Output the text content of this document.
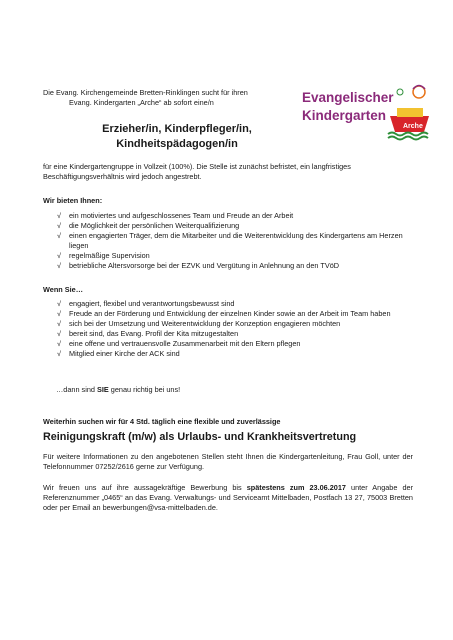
Die Evang. Kirchengemeinde Bretten-Rinklingen sucht für ihren
Evang. Kindergarten „Arche“ ab sofort eine/n	Evangelischer
Kindergarten
Arche
Erzieher/in, Kinderpfleger/in,
Kindheitspädagogen/in
für eine Kindergartengruppe in Vollzeit (100%). Die Stelle ist zunächst befristet, ein langfristiges Beschäftigungsverhältnis wird jedoch angestrebt.
Wir bieten Ihnen:
√ ein motiviertes und aufgeschlossenes Team und Freude an der Arbeit
√ die Möglichkeit der persönlichen Weiterqualifizierung
√ einen engagierten Träger, dem die Mitarbeiter und die Weiterentwicklung des Kindergartens am Herzen liegen
√ regelmäßige Supervision
√ betriebliche Altersvorsorge bei der EZVK und Vergütung in Anlehnung an den TVöD
Wenn Sie…
√ engagiert, flexibel und verantwortungsbewusst sind
√ Freude an der Förderung und Entwicklung der einzelnen Kinder sowie an der Arbeit im Team haben
√ sich bei der Umsetzung und Weiterentwicklung der Konzeption engagieren möchten
√ bereit sind, das Evang. Profil der Kita mitzugestalten
√ eine offene und vertrauensvolle Zusammenarbeit mit den Eltern pflegen
√ Mitglied einer Kirche der ACK sind
…dann sind SIE genau richtig bei uns!
Weiterhin suchen wir für 4 Std. täglich eine flexible und zuverlässige
Reinigungskraft (m/w) als Urlaubs- und Krankheitsvertretung
Für weitere Informationen zu den angebotenen Stellen steht Ihnen die Kindergartenleitung, Frau Goll, unter der Telefonnummer 07252/2616 gerne zur Verfügung.
Wir freuen uns auf ihre aussagekräftige Bewerbung bis spätestens zum 23.06.2017 unter Angabe der Referenznummer „0465“ an das Evang. Verwaltungs- und Serviceamt Mittelbaden, Postfach 13 27, 75003 Bretten oder per Email an bewerbungen@vsa-mittelbaden.de.
